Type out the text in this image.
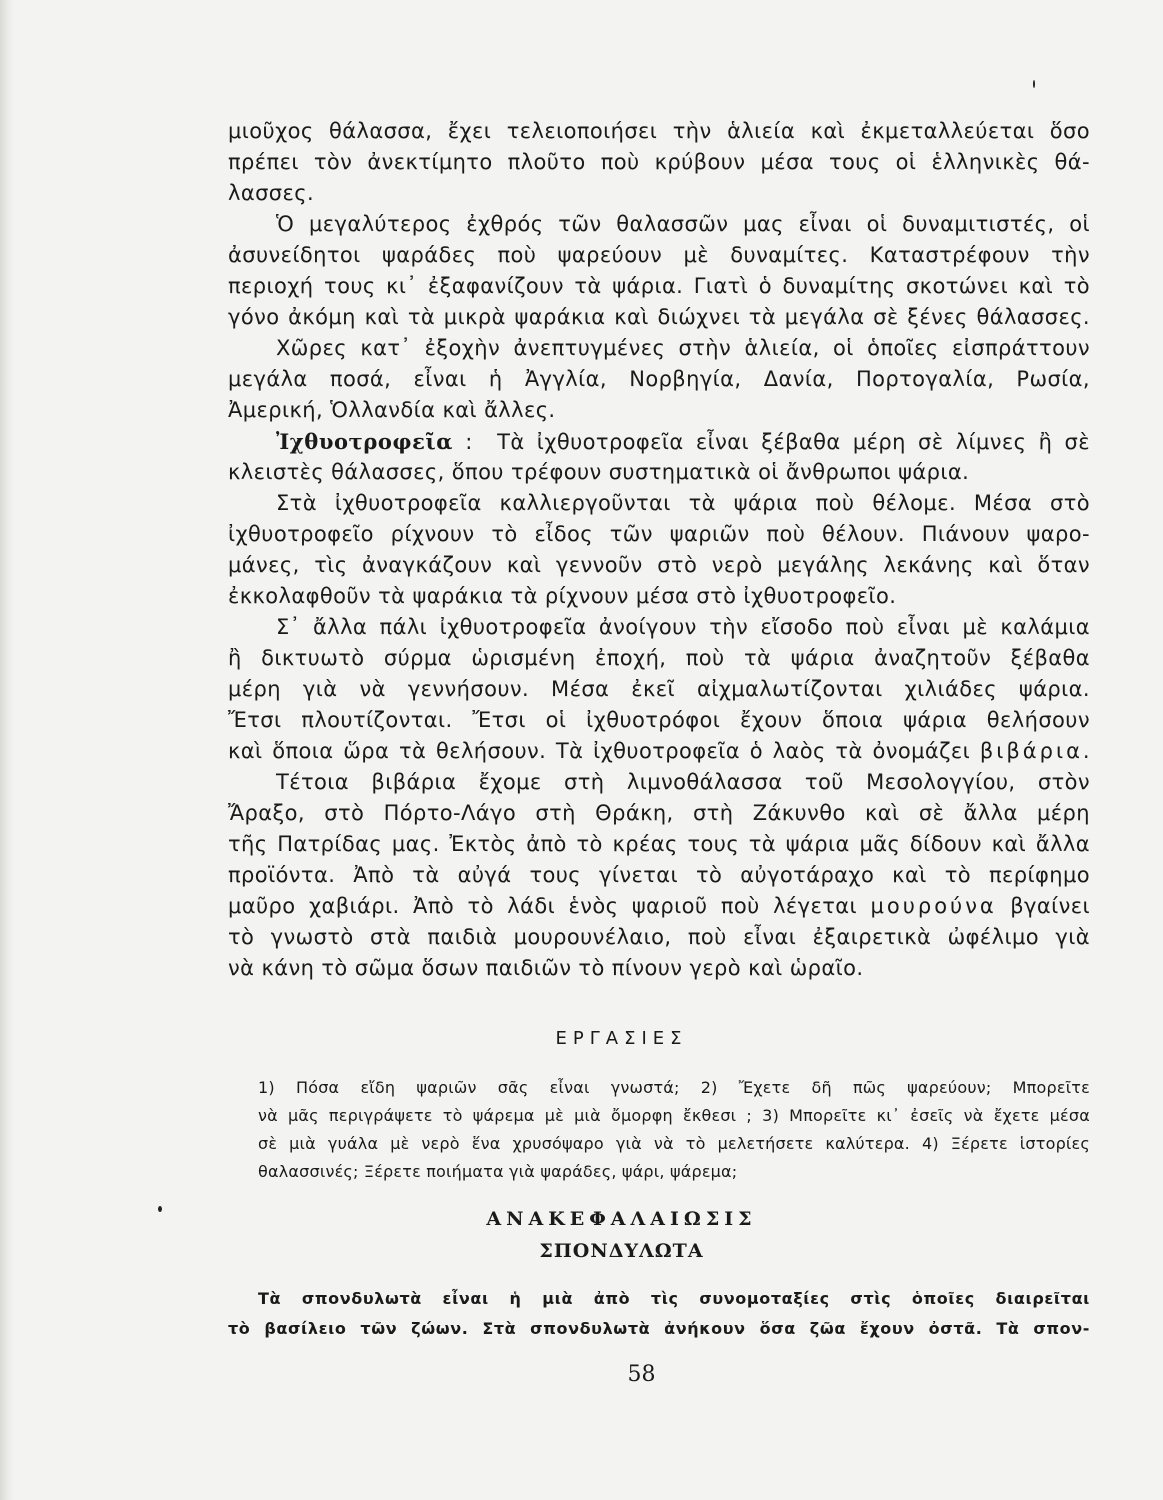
μιοῦχος θάλασσα, ἔχει τελειοποιήσει τὴν ἁλιεία καὶ ἐκμεταλλεύεται ὅσο

πρέπει τὸν ἀνεκτίμητο πλοῦτο ποὺ κρύβουν μέσα τους οἱ ἑλληνικὲς θά-

λασσες.

Ὁ μεγαλύτερος ἐχθρός τῶν θαλασσῶν μας εἶναι οἱ δυναμιτιστές, οἱ

ἀσυνείδητοι ψαράδες ποὺ ψαρεύουν μὲ δυναμίτες. Καταστρέφουν τὴν

περιοχή τους κι᾽ ἐξαφανίζουν τὰ ψάρια. Γιατὶ ὁ δυναμίτης σκοτώνει καὶ τὸ

γόνο ἀκόμη καὶ τὰ μικρὰ ψαράκια καὶ διώχνει τὰ μεγάλα σὲ ξένες θάλασσες.

Χῶρες κατ᾽ ἐξοχὴν ἀνεπτυγμένες στὴν ἁλιεία, οἱ ὁποῖες εἰσπράττουν

μεγάλα ποσά, εἶναι ἡ Ἀγγλία, Νορβηγία, Δανία, Πορτογαλία, Ρωσία,

Ἀμερική, Ὁλλανδία καὶ ἄλλες.

Ἰχθυοτροφεῖα :  Τὰ ἰχθυοτροφεῖα εἶναι ξέβαθα μέρη σὲ λίμνες ἢ σὲ

κλειστὲς θάλασσες, ὅπου τρέφουν συστηματικὰ οἱ ἄνθρωποι ψάρια.

Στὰ ἰχθυοτροφεῖα καλλιεργοῦνται τὰ ψάρια ποὺ θέλομε. Μέσα στὸ

ἰχθυοτροφεῖο ρίχνουν τὸ εἶδος τῶν ψαριῶν ποὺ θέλουν. Πιάνουν ψαρο-

μάνες, τὶς ἀναγκάζουν καὶ γεννοῦν στὸ νερὸ μεγάλης λεκάνης καὶ ὅταν

ἐκκολαφθοῦν τὰ ψαράκια τὰ ρίχνουν μέσα στὸ ἰχθυοτροφεῖο.

Σ᾽ ἄλλα πάλι ἰχθυοτροφεῖα ἀνοίγουν τὴν εἴσοδο ποὺ εἶναι μὲ καλάμια

ἢ δικτυωτὸ σύρμα ὡρισμένη ἐποχή, ποὺ τὰ ψάρια ἀναζητοῦν ξέβαθα

μέρη γιὰ νὰ γεννήσουν. Μέσα ἐκεῖ αἰχμαλωτίζονται χιλιάδες ψάρια.

Ἔτσι πλουτίζονται. Ἔτσι οἱ ἰχθυοτρόφοι ἔχουν ὅποια ψάρια θελήσουν

καὶ ὅποια ὥρα τὰ θελήσουν. Τὰ ἰχθυοτροφεῖα ὁ λαὸς τὰ ὀνομάζει βιβάρια.

Τέτοια βιβάρια ἔχομε στὴ λιμνοθάλασσα τοῦ Μεσολογγίου, στὸν

Ἄραξο, στὸ Πόρτο-Λάγο στὴ Θράκη, στὴ Ζάκυνθο καὶ σὲ ἄλλα μέρη

τῆς Πατρίδας μας. Ἐκτὸς ἀπὸ τὸ κρέας τους τὰ ψάρια μᾶς δίδουν καὶ ἄλλα

προϊόντα. Ἀπὸ τὰ αὐγά τους γίνεται τὸ αὐγοτάραχο καὶ τὸ περίφημο

μαῦρο χαβιάρι. Ἀπὸ τὸ λάδι ἑνὸς ψαριοῦ ποὺ λέγεται μουρούνα βγαίνει

τὸ γνωστὸ στὰ παιδιὰ μουρουνέλαιο, ποὺ εἶναι ἐξαιρετικὰ ὠφέλιμο γιὰ

νὰ κάνη τὸ σῶμα ὅσων παιδιῶν τὸ πίνουν γερὸ καὶ ὡραῖο.

ΕΡΓΑΣΙΕΣ

1) Πόσα εἴδη ψαριῶν σᾶς εἶναι γνωστά; 2) Ἔχετε δῆ πῶς ψαρεύουν; Μπορεῖτε

νὰ μᾶς περιγράψετε τὸ ψάρεμα μὲ μιὰ ὄμορφη ἔκθεσι ; 3) Μπορεῖτε κι᾽ ἐσεῖς νὰ ἔχετε μέσα

σὲ μιὰ γυάλα μὲ νερὸ ἕνα χρυσόψαρο γιὰ νὰ τὸ μελετήσετε καλύτερα. 4) Ξέρετε ἱστορίες

θαλασσινές; Ξέρετε ποιήματα γιὰ ψαράδες, ψάρι, ψάρεμα;

ΑΝΑΚΕΦΑΛΑΙΩΣΙΣ
ΣΠΟΝΔΥΛΩΤΑ

Τὰ σπονδυλωτὰ εἶναι ἡ μιὰ ἀπὸ τὶς συνομοταξίες στὶς ὁποῖες διαιρεῖται

τὸ βασίλειο τῶν ζώων. Στὰ σπονδυλωτὰ ἀνήκουν ὅσα ζῶα ἔχουν ὀστᾶ. Τὰ σπον-

58
